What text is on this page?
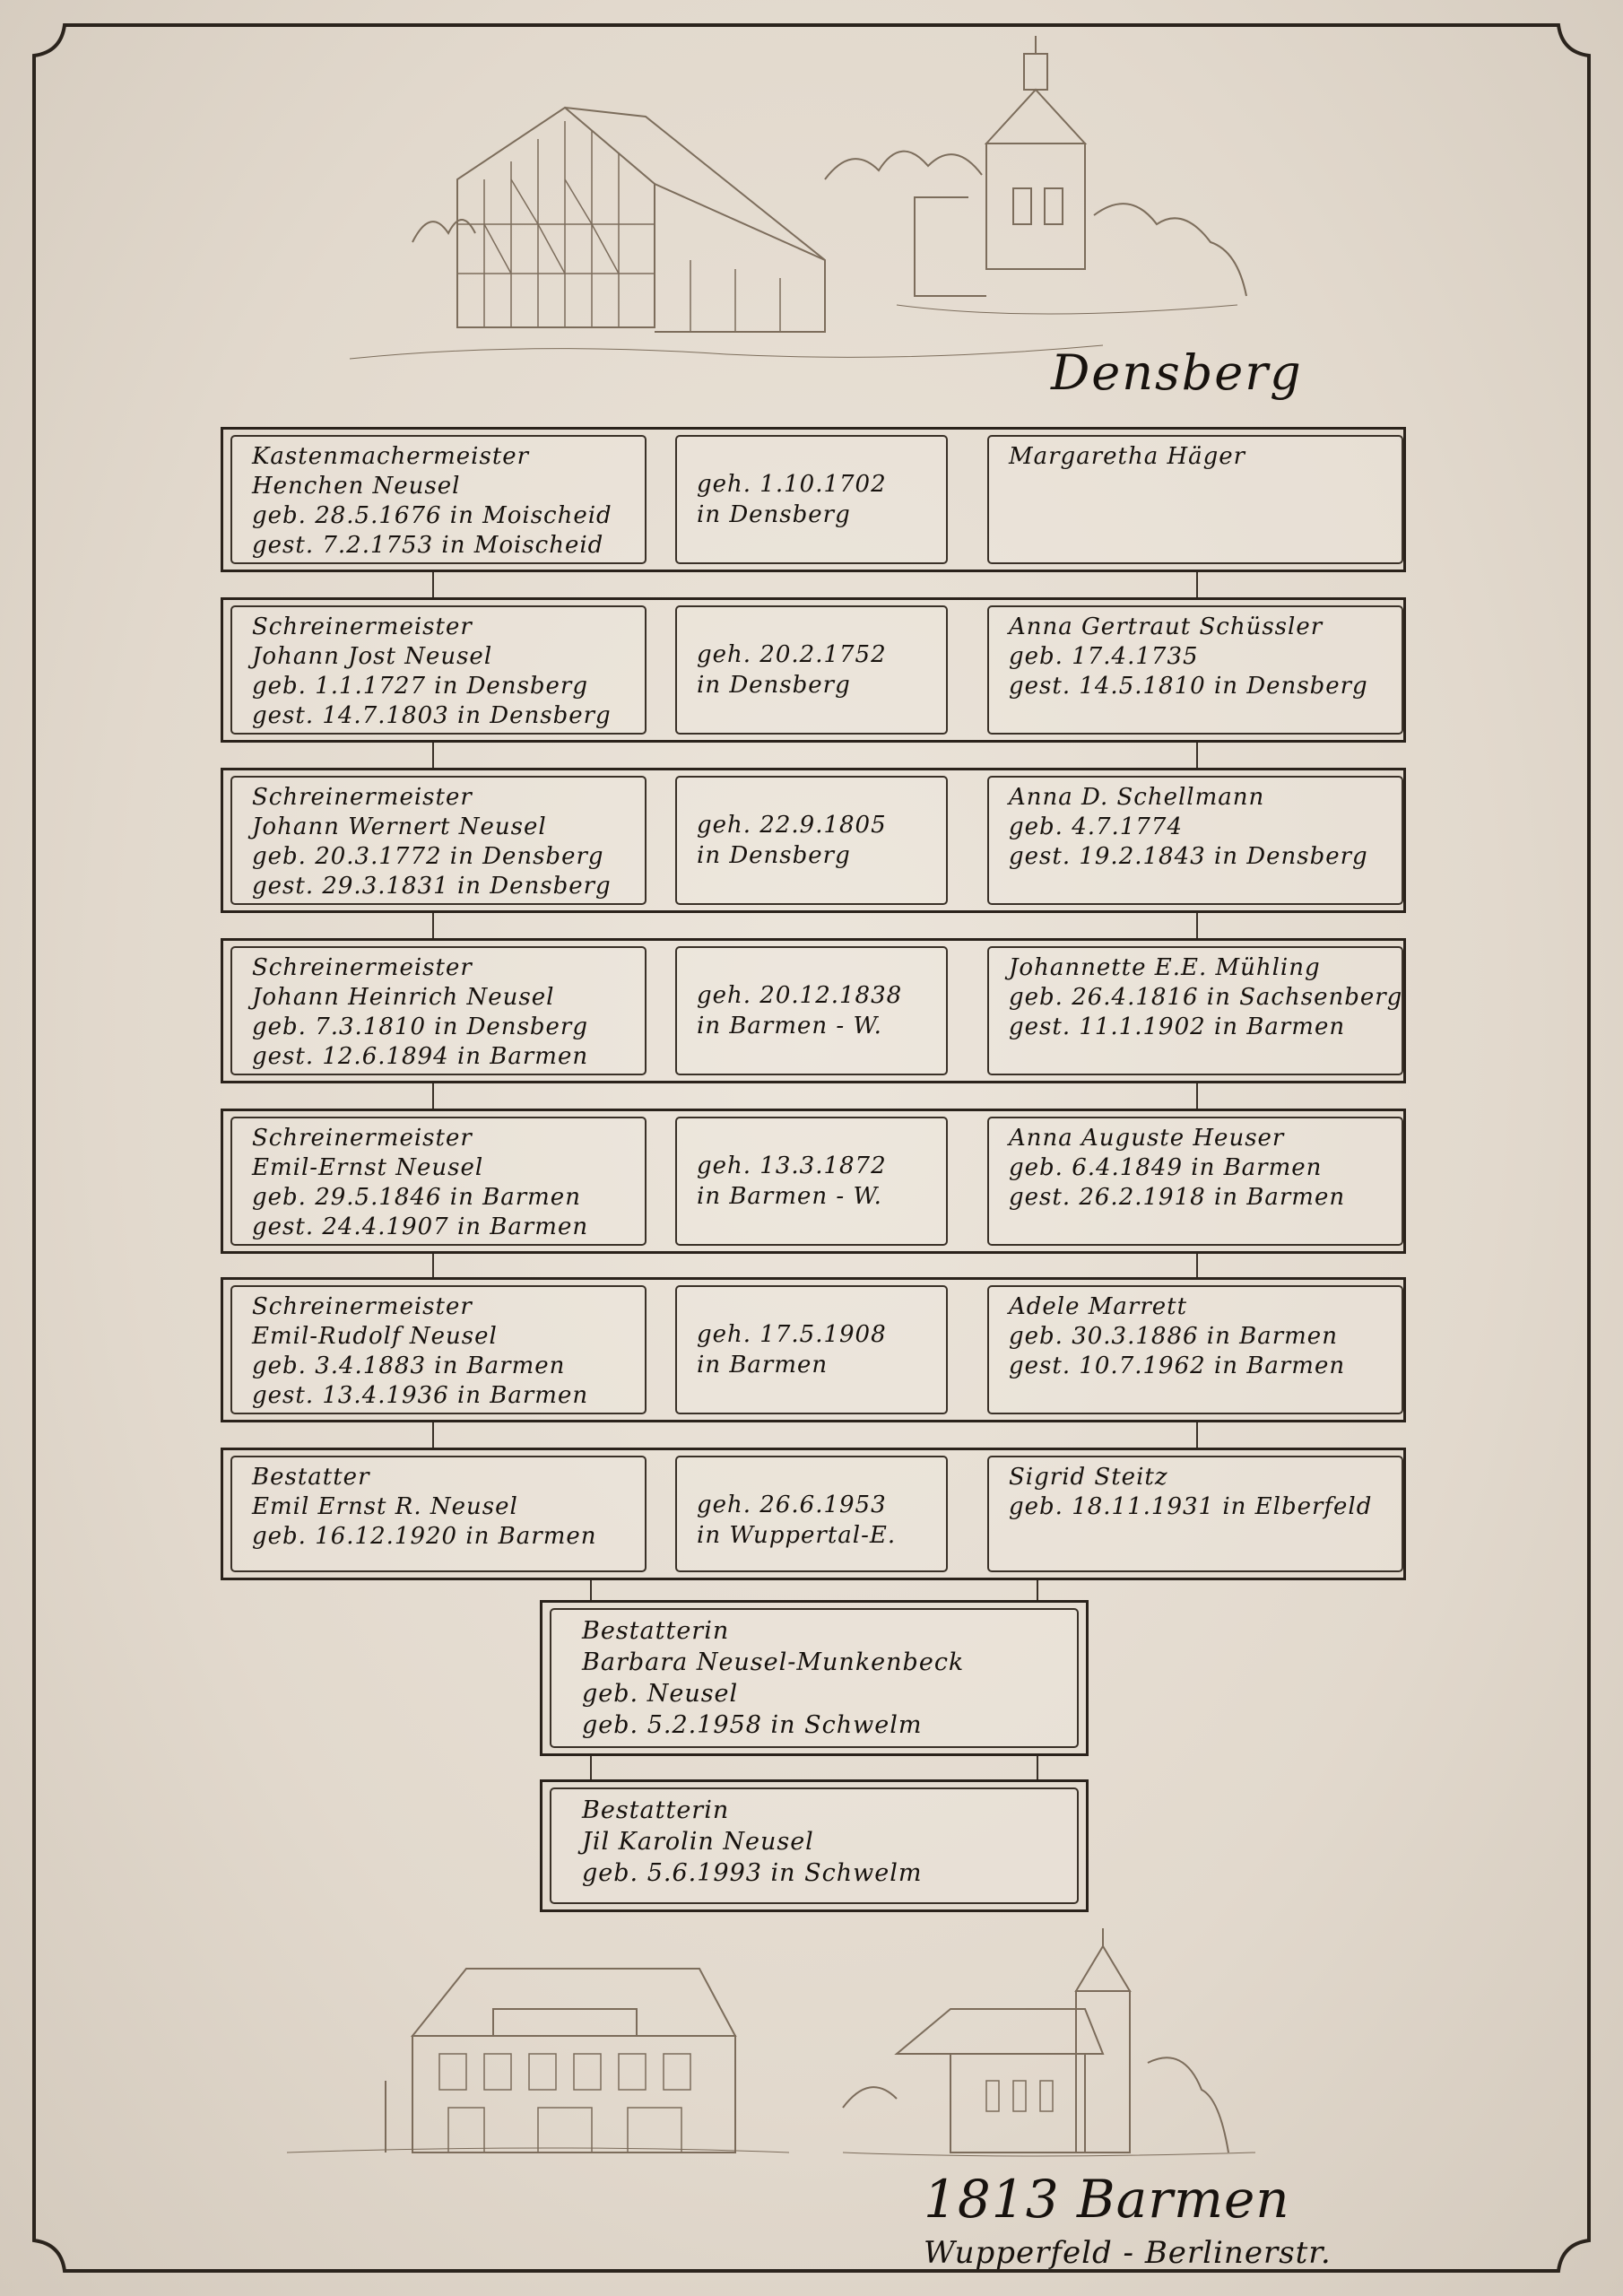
Densberg
Kastenmachermeister
Henchen Neusel
geb. 28.5.1676 in Moischeid
gest. 7.2.1753 in Moischeid
geh. 1.10.1702
in Densberg
Margaretha Häger
Schreinermeister
Johann Jost Neusel
geb. 1.1.1727 in Densberg
gest. 14.7.1803 in Densberg
geh. 20.2.1752
in Densberg
Anna Gertraut Schüssler
geb. 17.4.1735
gest. 14.5.1810 in Densberg
Schreinermeister
Johann Wernert Neusel
geb. 20.3.1772 in Densberg
gest. 29.3.1831 in Densberg
geh. 22.9.1805
in Densberg
Anna D. Schellmann
geb. 4.7.1774
gest. 19.2.1843 in Densberg
Schreinermeister
Johann Heinrich Neusel
geb. 7.3.1810 in Densberg
gest. 12.6.1894 in Barmen
geh. 20.12.1838
in Barmen - W.
Johannette E.E. Mühling
geb. 26.4.1816 in Sachsenberg
gest. 11.1.1902 in Barmen
Schreinermeister
Emil-Ernst Neusel
geb. 29.5.1846 in Barmen
gest. 24.4.1907 in Barmen
geh. 13.3.1872
in Barmen - W.
Anna Auguste Heuser
geb. 6.4.1849 in Barmen
gest. 26.2.1918 in Barmen
Schreinermeister
Emil-Rudolf Neusel
geb. 3.4.1883 in Barmen
gest. 13.4.1936 in Barmen
geh. 17.5.1908
in Barmen
Adele Marrett
geb. 30.3.1886 in Barmen
gest. 10.7.1962 in Barmen
Bestatter
Emil Ernst R. Neusel
geb. 16.12.1920 in Barmen
geh. 26.6.1953
in Wuppertal-E.
Sigrid Steitz
geb. 18.11.1931 in Elberfeld
Bestatterin
Barbara Neusel-Munkenbeck
geb. Neusel
geb. 5.2.1958 in Schwelm
Bestatterin
Jil Karolin Neusel
geb. 5.6.1993 in Schwelm
1813 Barmen
Wupperfeld - Berlinerstr.
